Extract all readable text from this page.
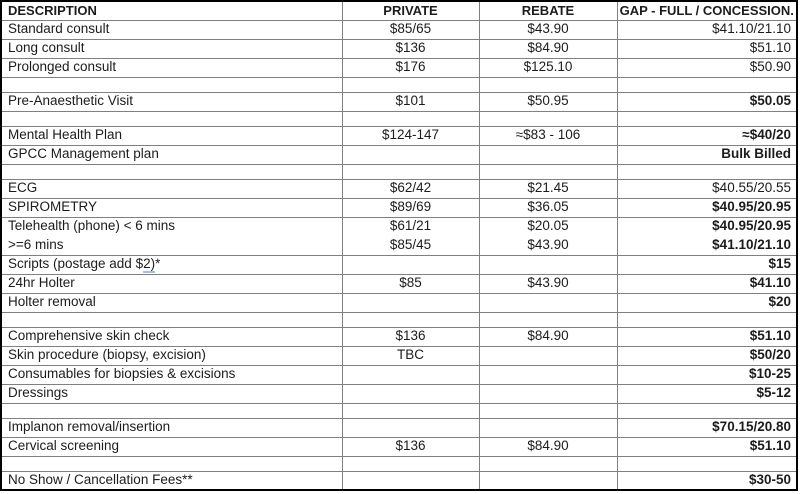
DESCRIPTION	PRIVATE	REBATE	GAP - FULL / CONCESSION.
Standard consult	$85/65	$43.90	$41.10/21.10
Long consult	$136	$84.90	$51.10
Prolonged consult	$176	$125.10	$50.90

Pre-Anaesthetic Visit	$101	$50.95	$50.05

Mental Health Plan	$124-147	≈$83 - 106	≈$40/20
GPCC Management plan			Bulk Billed

ECG	$62/42	$21.45	$40.55/20.55
SPIROMETRY	$89/69	$36.05	$40.95/20.95
Telehealth (phone) < 6 mins	$61/21	$20.05	$40.95/20.95
>=6 mins	$85/45	$43.90	$41.10/21.10
Scripts (postage add $2)*			$15
24hr Holter	$85	$43.90	$41.10
Holter removal			$20

Comprehensive skin check	$136	$84.90	$51.10
Skin procedure (biopsy, excision)	TBC		$50/20
Consumables for biopsies & excisions			$10-25
Dressings			$5-12

Implanon removal/insertion			$70.15/20.80
Cervical screening	$136	$84.90	$51.10

No Show / Cancellation Fees**			$30-50
